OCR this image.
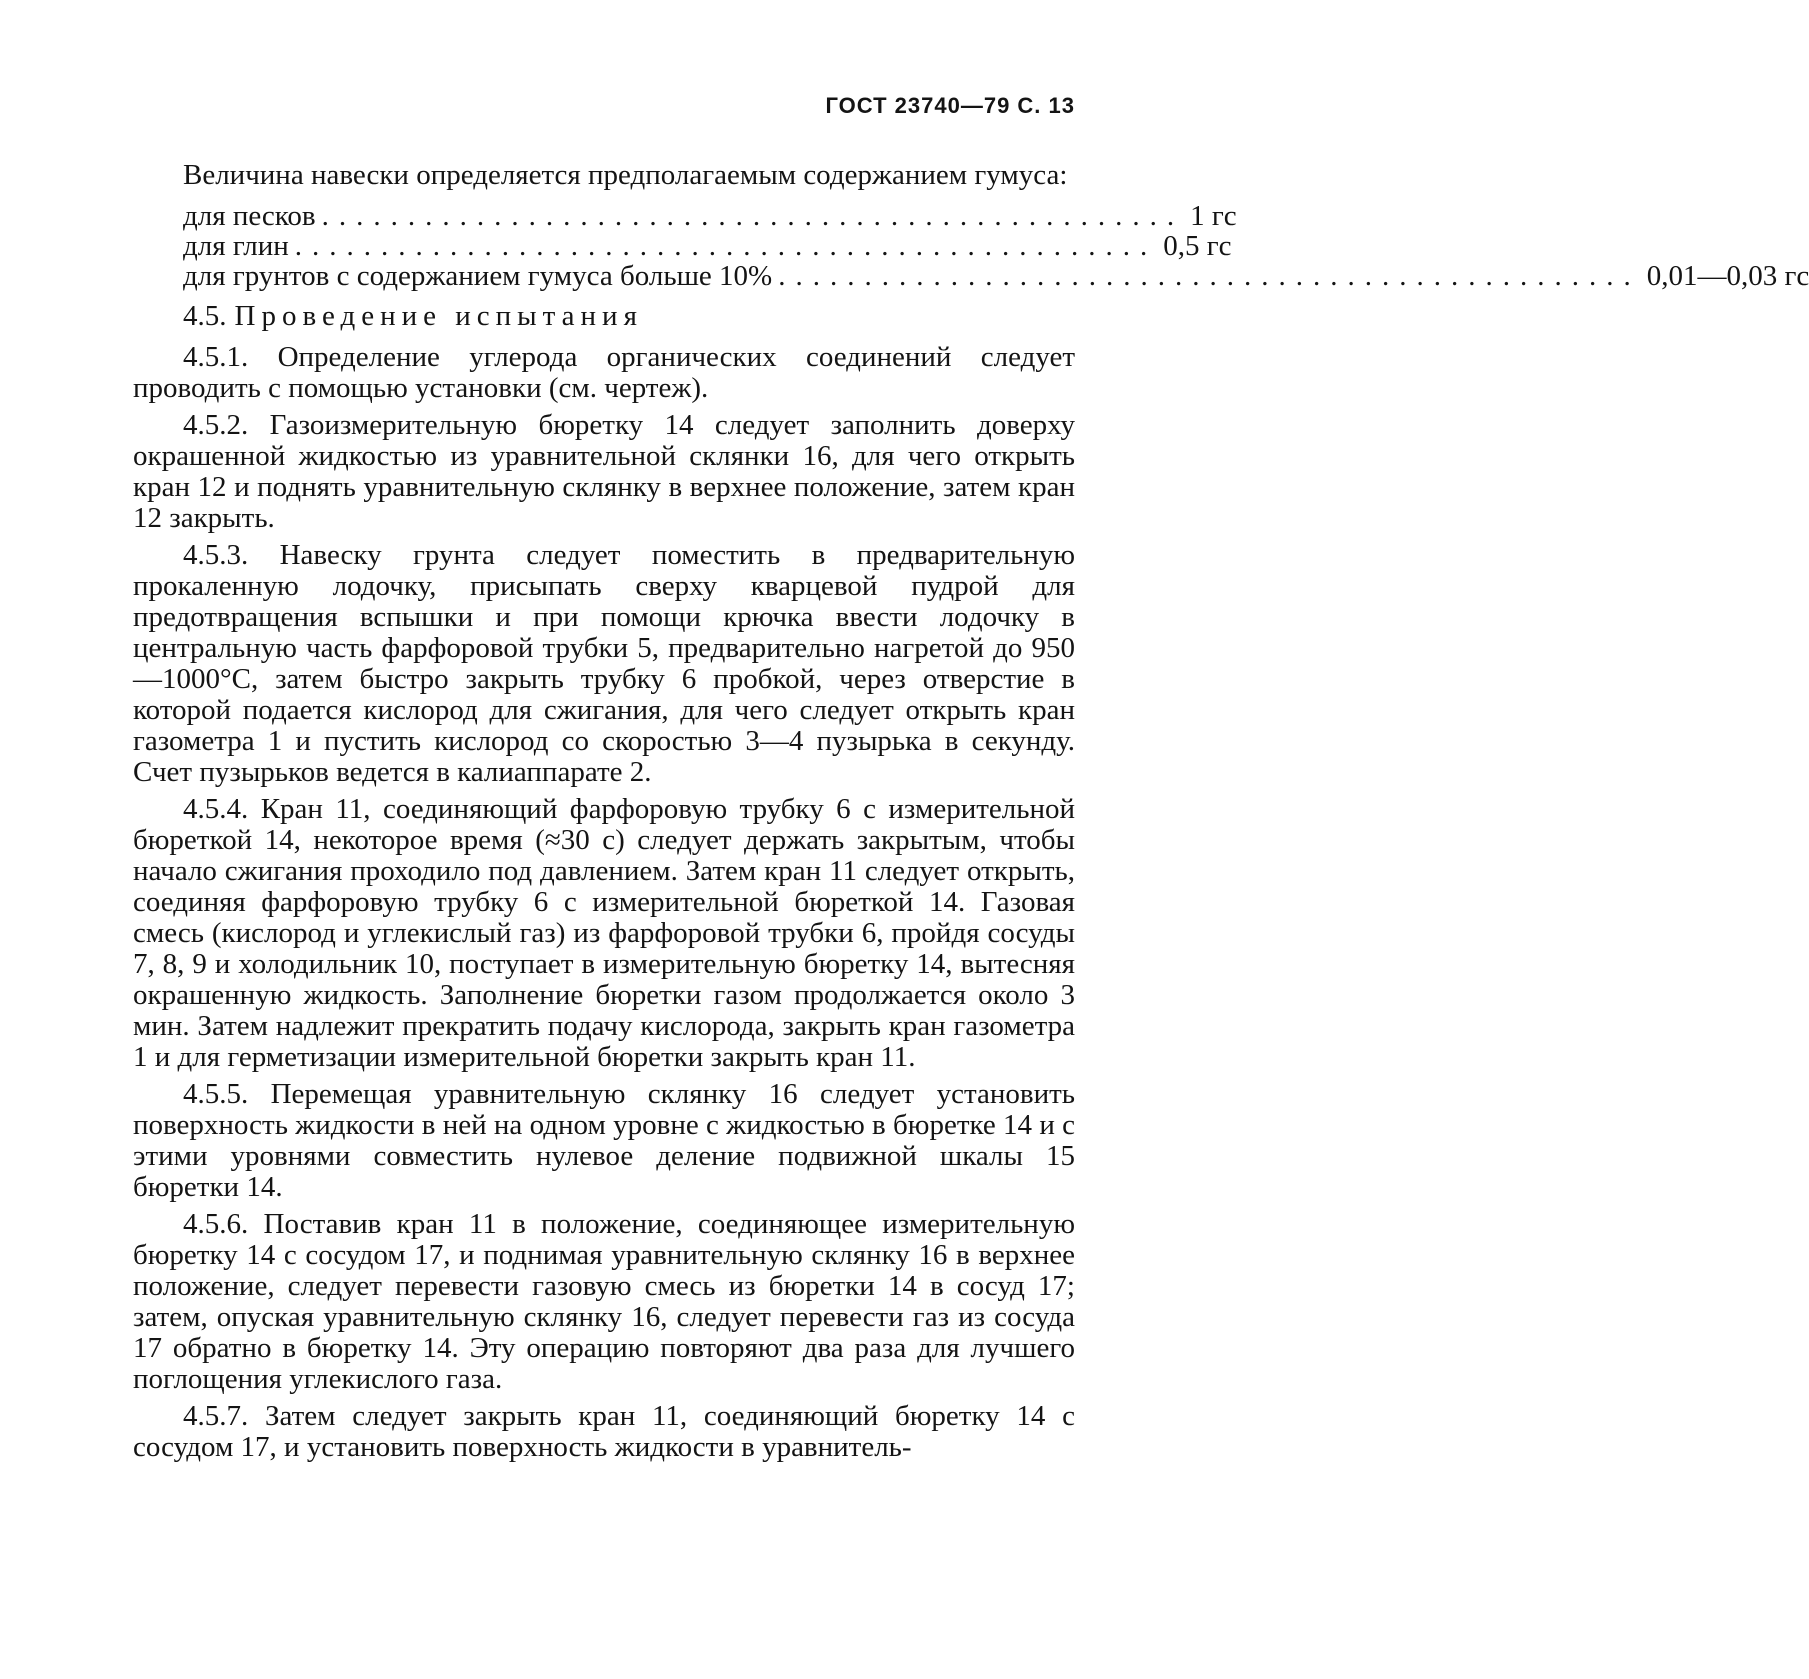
ГОСТ 23740—79 С. 13

Величина навески определяется предполагаемым содержанием гумуса:

для песков .................................................. 1 гс
для глин .................................................. 0,5 гс
для грунтов с содержанием гумуса больше 10% .................................................. 0,01—0,03 гс
4.5. Проведение испытания

4.5.1. Определение углерода органических соединений следует проводить с помощью установки (см. чертеж).

4.5.2. Газоизмерительную бюретку 14 следует заполнить доверху окрашенной жидкостью из уравнительной склянки 16, для чего открыть кран 12 и поднять уравнительную склянку в верхнее положение, затем кран 12 закрыть.

4.5.3. Навеску грунта следует поместить в предварительную прокаленную лодочку, присыпать сверху кварцевой пудрой для предотвращения вспышки и при помощи крючка ввести лодочку в центральную часть фарфоровой трубки 5, предварительно нагретой до 950—1000°С, затем быстро закрыть трубку 6 пробкой, через отверстие в которой подается кислород для сжигания, для чего следует открыть кран газометра 1 и пустить кислород со скоростью 3—4 пузырька в секунду. Счет пузырьков ведется в калиаппарате 2.

4.5.4. Кран 11, соединяющий фарфоровую трубку 6 с измерительной бюреткой 14, некоторое время (≈30 с) следует держать закрытым, чтобы начало сжигания проходило под давлением. Затем кран 11 следует открыть, соединяя фарфоровую трубку 6 с измерительной бюреткой 14. Газовая смесь (кислород и углекислый газ) из фарфоровой трубки 6, пройдя сосуды 7, 8, 9 и холодильник 10, поступает в измерительную бюретку 14, вытесняя окрашенную жидкость. Заполнение бюретки газом продолжается около 3 мин. Затем надлежит прекратить подачу кислорода, закрыть кран газометра 1 и для герметизации измерительной бюретки закрыть кран 11.

4.5.5. Перемещая уравнительную склянку 16 следует установить поверхность жидкости в ней на одном уровне с жидкостью в бюретке 14 и с этими уровнями совместить нулевое деление подвижной шкалы 15 бюретки 14.

4.5.6. Поставив кран 11 в положение, соединяющее измерительную бюретку 14 с сосудом 17, и поднимая уравнительную склянку 16 в верхнее положение, следует перевести газовую смесь из бюретки 14 в сосуд 17; затем, опуская уравнительную склянку 16, следует перевести газ из сосуда 17 обратно в бюретку 14. Эту операцию повторяют два раза для лучшего поглощения углекислого газа.

4.5.7. Затем следует закрыть кран 11, соединяющий бюретку 14 с сосудом 17, и установить поверхность жидкости в уравнитель-
